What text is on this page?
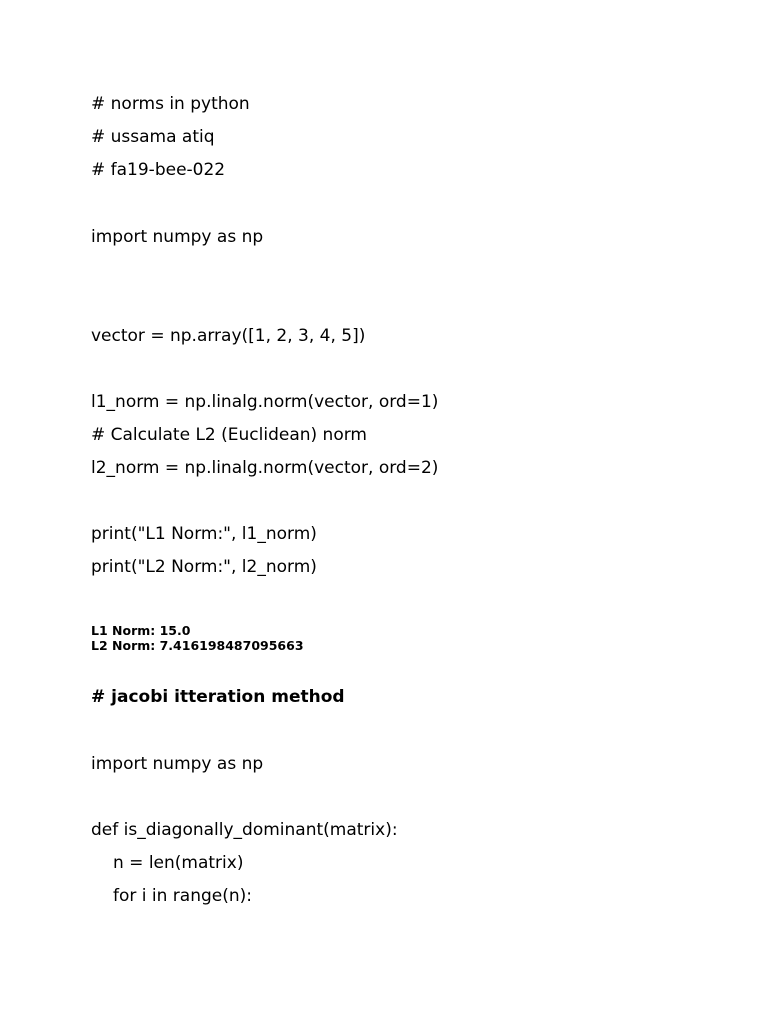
# norms in python
# ussama atiq
# fa19-bee-022
import numpy as np
vector = np.array([1, 2, 3, 4, 5])
l1_norm = np.linalg.norm(vector, ord=1)
# Calculate L2 (Euclidean) norm
l2_norm = np.linalg.norm(vector, ord=2)
print("L1 Norm:", l1_norm)
print("L2 Norm:", l2_norm)
L1 Norm: 15.0
L2 Norm: 7.416198487095663
# jacobi itteration method
import numpy as np
def is_diagonally_dominant(matrix):
n = len(matrix)
for i in range(n):
